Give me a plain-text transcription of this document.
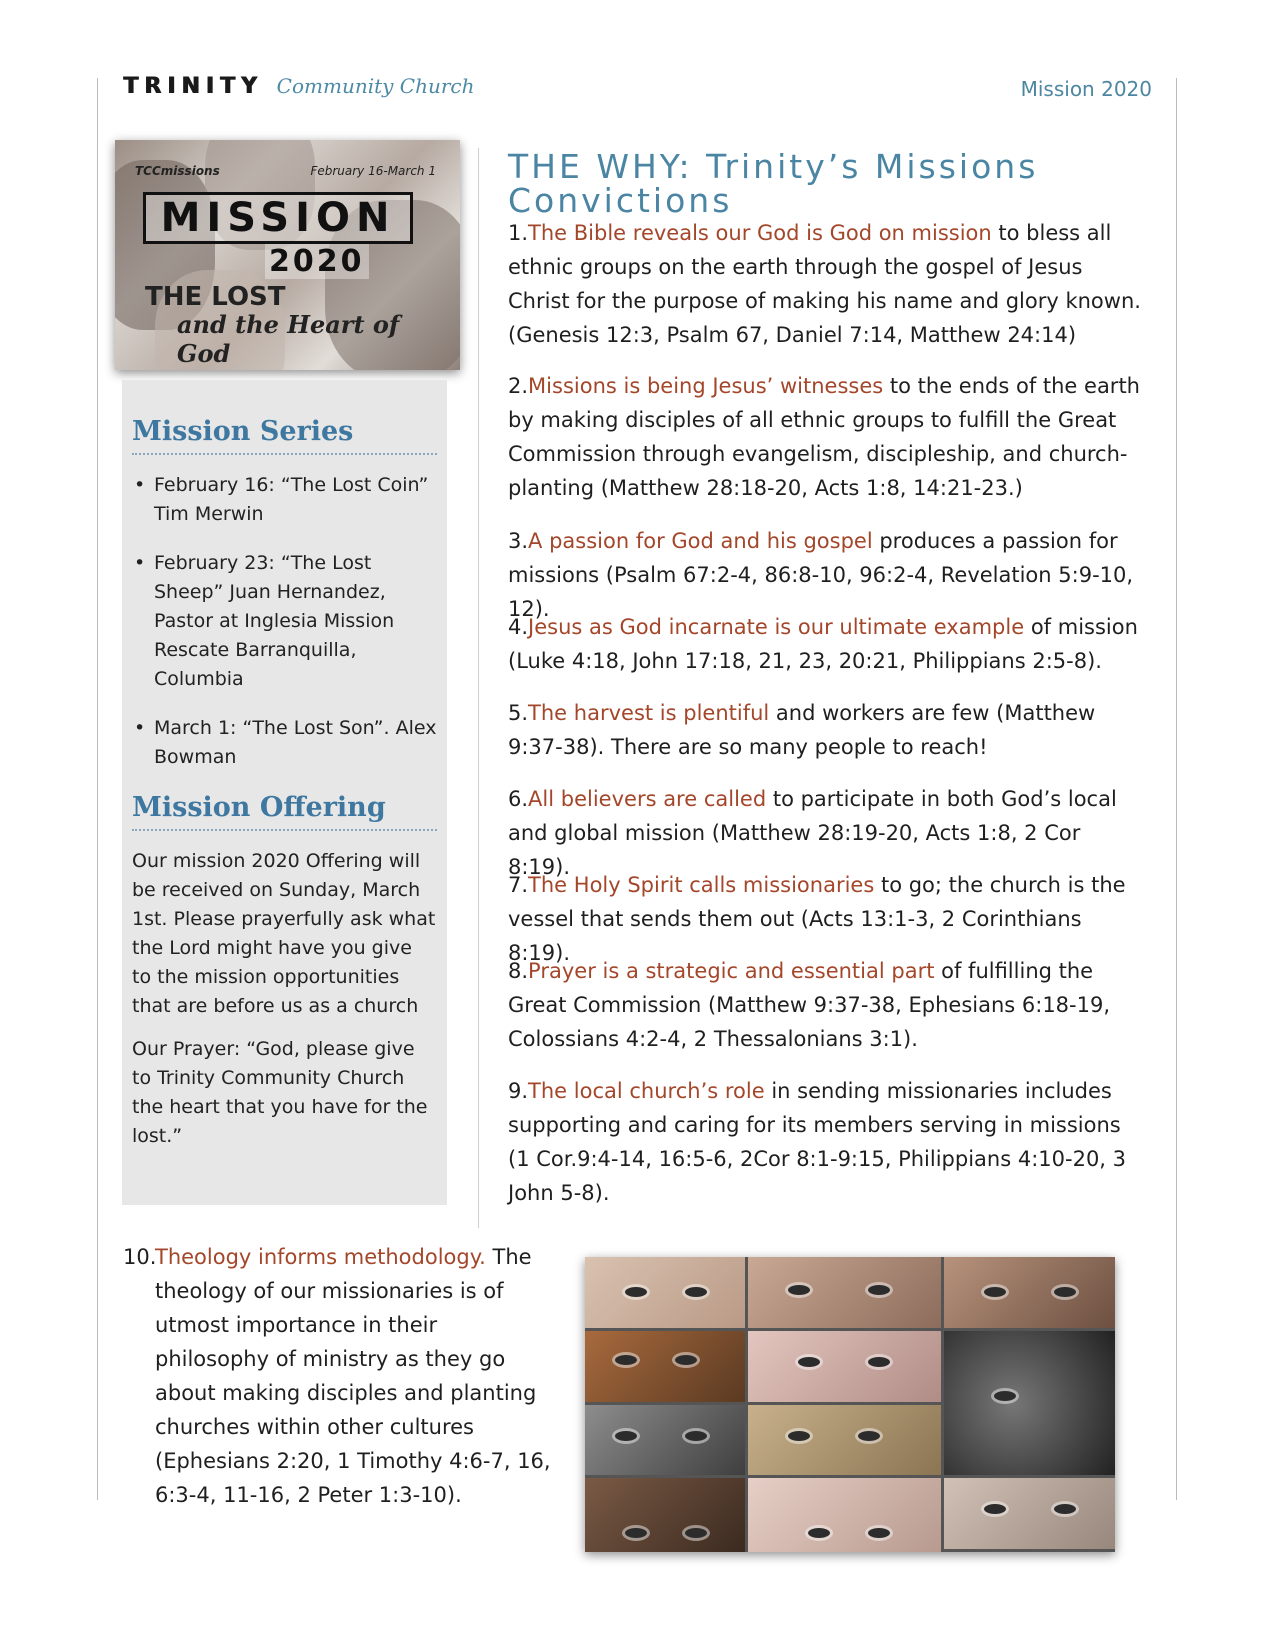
TRINITY Community Church	Mission 2020
TCCmissions	February 16-March 1
MISSION
2020
THE LOST
and the Heart of God
Mission Series
• February 16: “The Lost Coin” Tim Merwin
• February 23: “The Lost Sheep” Juan Hernandez, Pastor at Inglesia Mission Rescate Barranquilla, Columbia
• March 1: “The Lost Son”. Alex Bowman
Mission Offering

Our mission 2020 Offering will be received on Sunday, March 1st. Please prayerfully ask what the Lord might have you give to the mission opportunities that are before us as a church

Our Prayer: “God, please give to Trinity Community Church the heart that you have for the lost.”

THE WHY: Trinity’s Missions Convictions

1.The Bible reveals our God is God on mission to bless all ethnic groups on the earth through the gospel of Jesus Christ for the purpose of making his name and glory known. (Genesis 12:3, Psalm 67, Daniel 7:14, Matthew 24:14)

2.Missions is being Jesus’ witnesses to the ends of the earth by making disciples of all ethnic groups to fulfill the Great Commission through evangelism, discipleship, and church-planting (Matthew 28:18-20, Acts 1:8, 14:21-23.)

3.A passion for God and his gospel produces a passion for missions (Psalm 67:2-4, 86:8-10, 96:2-4, Revelation 5:9-10, 12).

4.Jesus as God incarnate is our ultimate example of mission (Luke 4:18, John 17:18, 21, 23, 20:21, Philippians 2:5-8).

5.The harvest is plentiful and workers are few (Matthew 9:37-38). There are so many people to reach!

6.All believers are called to participate in both God’s local and global mission (Matthew 28:19-20, Acts 1:8, 2 Cor 8:19).

7.The Holy Spirit calls missionaries to go; the church is the vessel that sends them out (Acts 13:1-3, 2 Corinthians 8:19).

8.Prayer is a strategic and essential part of fulfilling the Great Commission (Matthew 9:37-38, Ephesians 6:18-19, Colossians 4:2-4, 2 Thessalonians 3:1).

9.The local church’s role in sending missionaries includes supporting and caring for its members serving in missions (1 Cor.9:4-14, 16:5-6, 2Cor 8:1-9:15, Philippians 4:10-20, 3 John 5-8).

10.
Theology informs methodology. The theology of our missionaries is of utmost importance in their philosophy of ministry as they go about making disciples and planting churches within other cultures (Ephesians 2:20, 1 Timothy 4:6-7, 16, 6:3-4, 11-16, 2 Peter 1:3-10).
